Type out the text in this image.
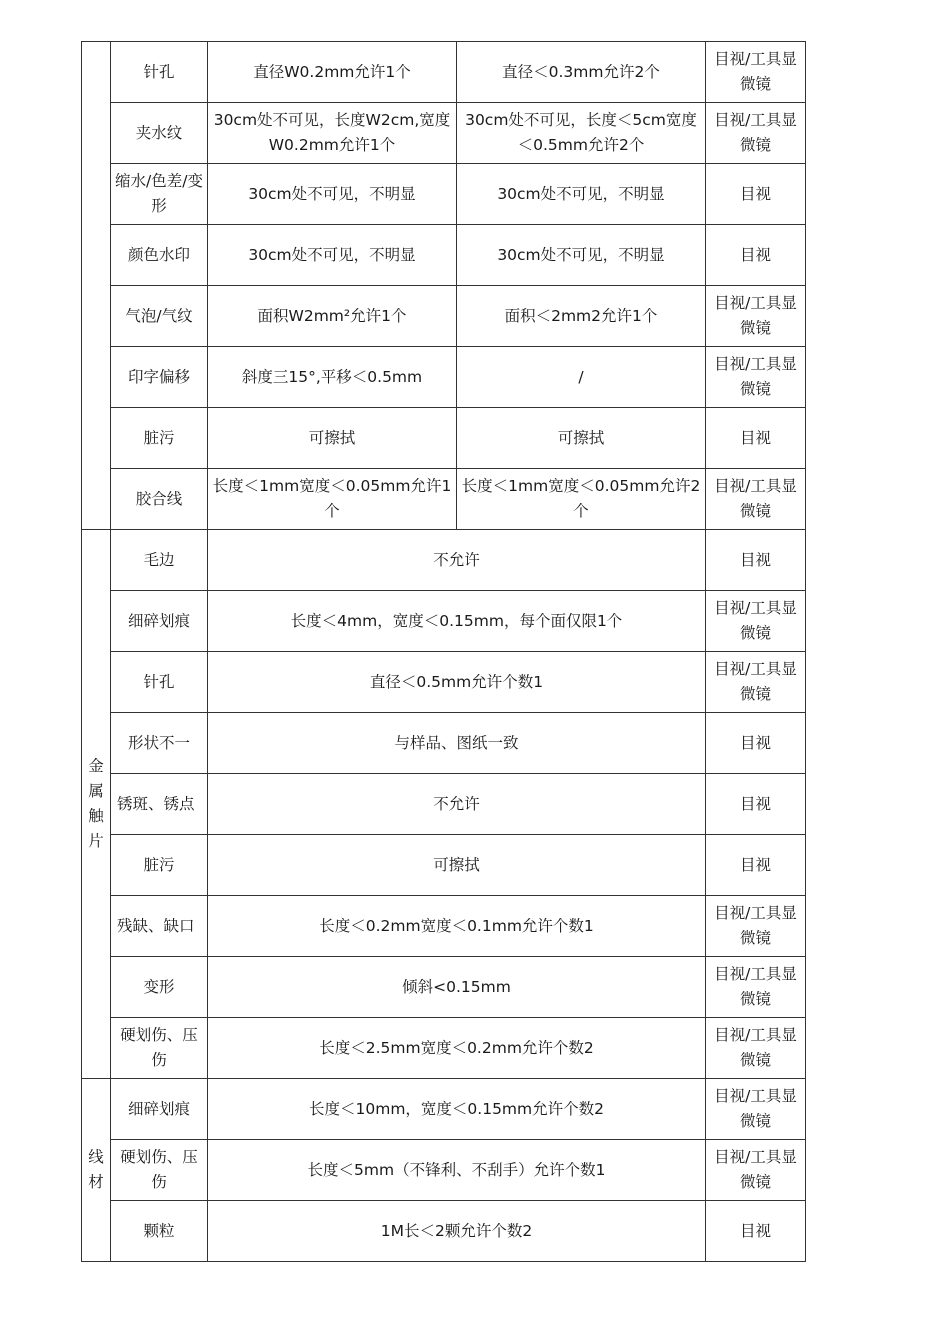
	针孔	直径W0.2mm允许1个	直径＜0.3mm允许2个	目视/工具显微镜
	夹水纹	30cm处不可见，长度W2cm,宽度W0.2mm允许1个	30cm处不可见，长度＜5cm宽度＜0.5mm允许2个	目视/工具显微镜
	缩水/色差/变形	30cm处不可见，不明显	30cm处不可见，不明显	目视
	颜色水印	30cm处不可见，不明显	30cm处不可见，不明显	目视
	气泡/气纹	面积W2mm²允许1个	面积＜2mm2允许1个	目视/工具显微镜
	印字偏移	斜度三15°,平移＜0.5mm	/	目视/工具显微镜
	脏污	可擦拭	可擦拭	目视
	胶合线	长度＜1mm宽度＜0.05mm允许1个	长度＜1mm宽度＜0.05mm允许2个	目视/工具显微镜

金属触片	毛边	不允许		目视
	细碎划痕	长度＜4mm，宽度＜0.15mm，每个面仅限1个		目视/工具显微镜
	针孔	直径＜0.5mm允许个数1		目视/工具显微镜
	形状不一	与样品、图纸一致		目视
	锈斑、锈点	不允许		目视
	脏污	可擦拭		目视
	残缺、缺口	长度＜0.2mm宽度＜0.1mm允许个数1		目视/工具显微镜
	变形	倾斜<0.15mm		目视/工具显微镜
	硬划伤、压伤	长度＜2.5mm宽度＜0.2mm允许个数2		目视/工具显微镜

线材	细碎划痕	长度＜10mm，宽度＜0.15mm允许个数2		目视/工具显微镜
	硬划伤、压伤	长度＜5mm（不锋利、不刮手）允许个数1		目视/工具显微镜
	颗粒	1M长＜2颗允许个数2		目视
